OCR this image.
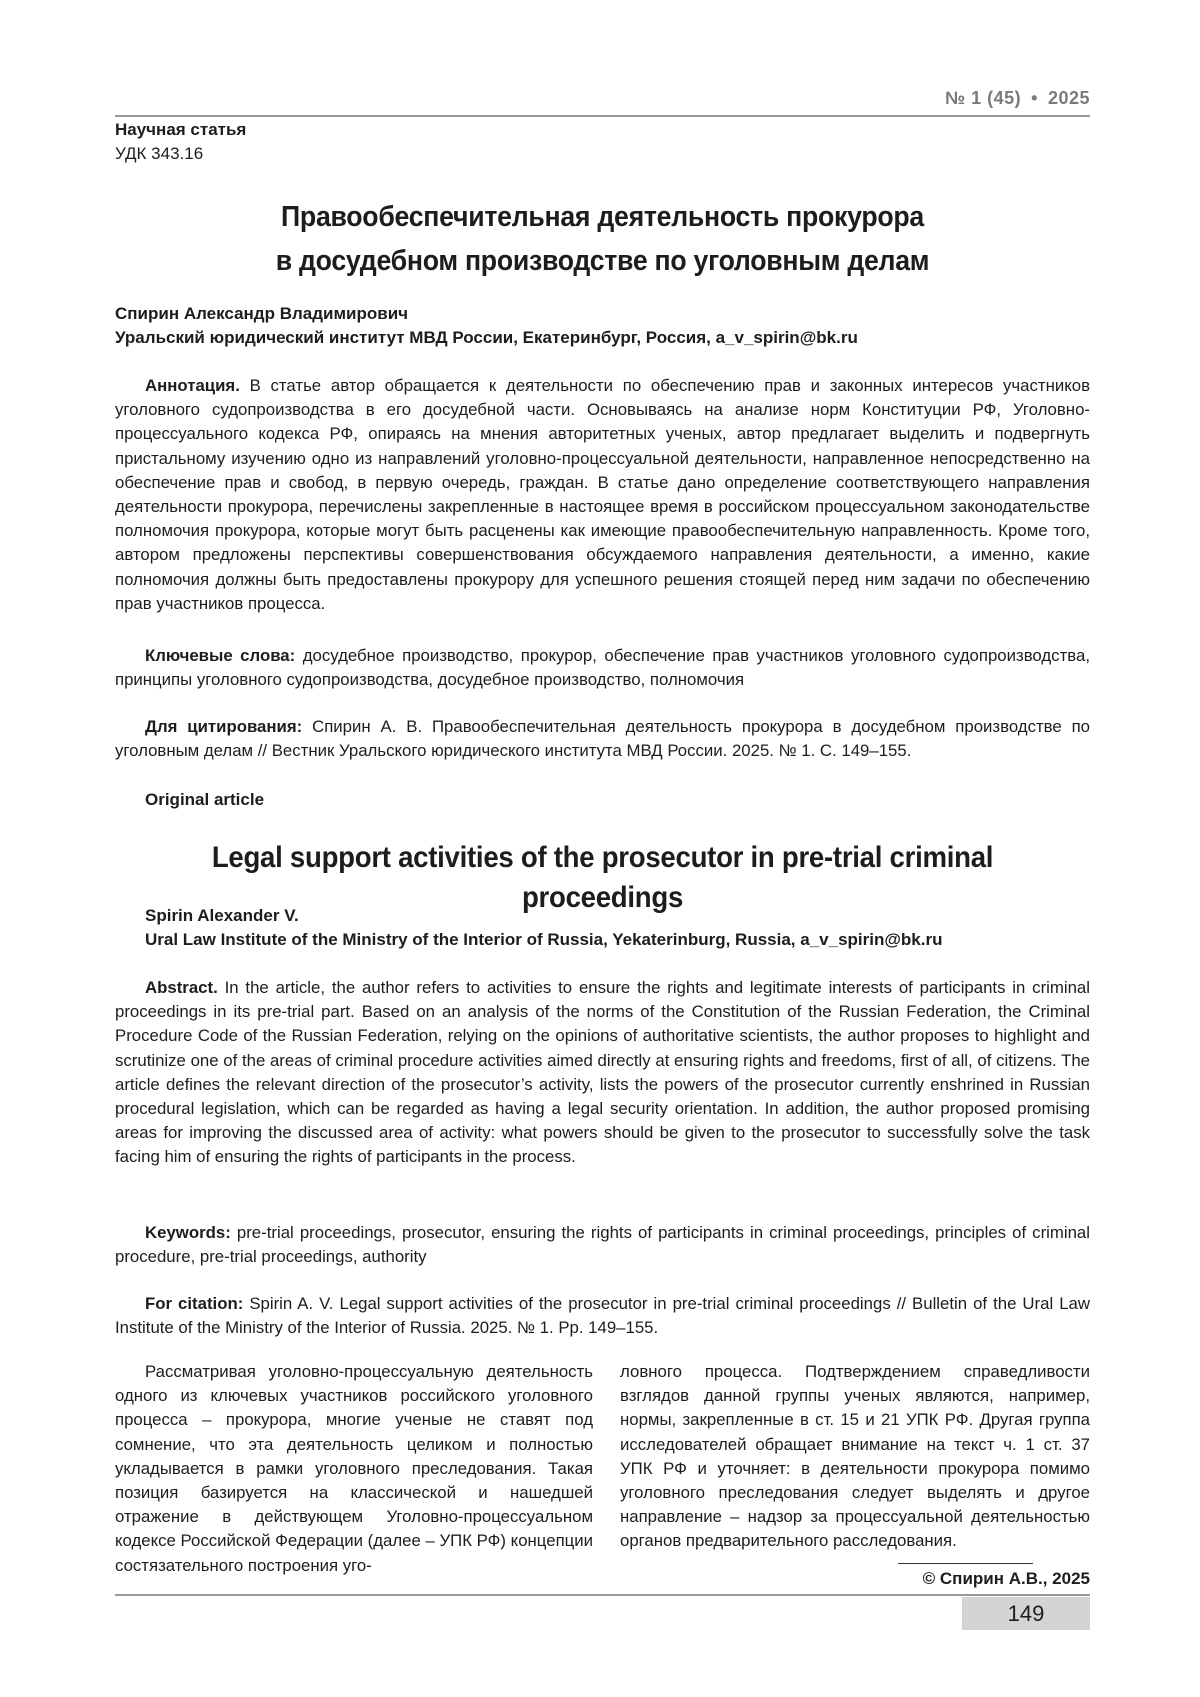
№ 1 (45) • 2025
Научная статья
УДК 343.16
Правообеспечительная деятельность прокурора
в досудебном производстве по уголовным делам
Спирин Александр Владимирович
Уральский юридический институт МВД России, Екатеринбург, Россия, a_v_spirin@bk.ru

Аннотация. В статье автор обращается к деятельности по обеспечению прав и законных интересов участников уголовного судопроизводства в его досудебной части. Основываясь на анализе норм Конституции РФ, Уголовно-процессуального кодекса РФ, опираясь на мнения авторитетных ученых, автор предлагает выделить и подвергнуть пристальному изучению одно из направлений уголовно-процессуальной деятельности, направленное непосредственно на обеспечение прав и свобод, в первую очередь, граждан. В статье дано определение соответствующего направления деятельности прокурора, перечислены закрепленные в настоящее время в российском процессуальном законодательстве полномочия прокурора, которые могут быть расценены как имеющие правообеспечительную направленность. Кроме того, автором предложены перспективы совершенствования обсуждаемого направления деятельности, а именно, какие полномочия должны быть предоставлены прокурору для успешного решения стоящей перед ним задачи по обеспечению прав участников процесса.

Ключевые слова: досудебное производство, прокурор, обеспечение прав участников уголовного судопроизводства, принципы уголовного судопроизводства, досудебное производство, полномочия

Для цитирования: Спирин А. В. Правообеспечительная деятельность прокурора в досудебном производстве по уголовным делам // Вестник Уральского юридического института МВД России. 2025. № 1. С. 149–155.

Original article
Legal support activities of the prosecutor in pre-trial criminal proceedings
Spirin Alexander V.
Ural Law Institute of the Ministry of the Interior of Russia, Yekaterinburg, Russia, a_v_spirin@bk.ru

Abstract. In the article, the author refers to activities to ensure the rights and legitimate interests of participants in criminal proceedings in its pre-trial part. Based on an analysis of the norms of the Constitution of the Russian Federation, the Criminal Procedure Code of the Russian Federation, relying on the opinions of authoritative scientists, the author proposes to highlight and scrutinize one of the areas of criminal procedure activities aimed directly at ensuring rights and freedoms, first of all, of citizens. The article defines the relevant direction of the prosecutor’s activity, lists the powers of the prosecutor currently enshrined in Russian procedural legislation, which can be regarded as having a legal security orientation. In addition, the author proposed promising areas for improving the discussed area of activity: what powers should be given to the prosecutor to successfully solve the task facing him of ensuring the rights of participants in the process.

Keywords: pre-trial proceedings, prosecutor, ensuring the rights of participants in criminal proceedings, principles of criminal procedure, pre-trial proceedings, authority

For citation: Spirin A. V. Legal support activities of the prosecutor in pre-trial criminal proceedings // Bulletin of the Ural Law Institute of the Ministry of the Interior of Russia. 2025. № 1. Pp. 149–155.

Рассматривая уголовно-процессуальную деятельность одного из ключевых участников российского уголовного процесса – прокурора, многие ученые не ставят под сомнение, что эта деятельность целиком и полностью укладывается в рамки уголовного преследования. Такая позиция базируется на классической и нашедшей отражение в действующем Уголовно-процессуальном кодексе Российской Федерации (далее – УПК РФ) концепции состязательного построения уго-
ловного процесса. Подтверждением справедливости взглядов данной группы ученых являются, например, нормы, закрепленные в ст. 15 и 21 УПК РФ. Другая группа исследователей обращает внимание на текст ч. 1 ст. 37 УПК РФ и уточняет: в деятельности прокурора помимо уголовного преследования следует выделять и другое направление – надзор за процессуальной деятельностью органов предварительного расследования.
© Спирин А.В., 2025
149
